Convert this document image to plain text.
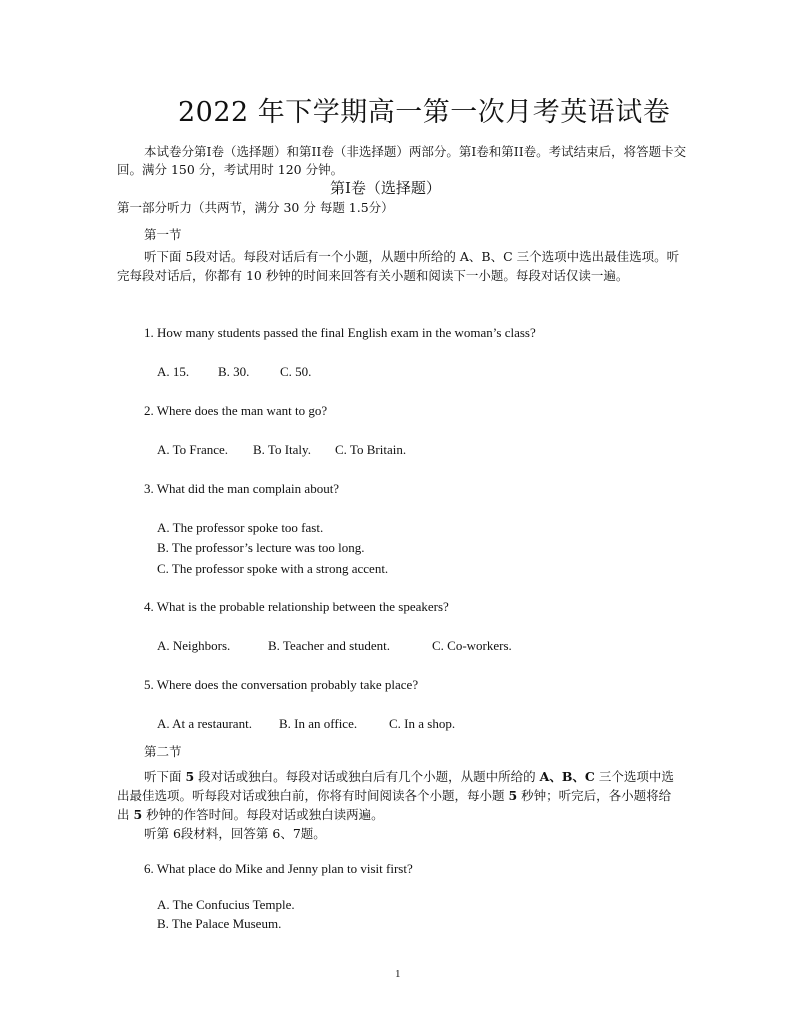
2022 年下学期高一第一次月考英语试卷
本试卷分第I卷（选择题）和第II卷（非选择题）两部分。第I卷和第II卷。考试结束后，将答题卡交回。满分 150 分，考试用时 120 分钟。
第I卷（选择题）
第一部分听力（共两节，满分 30 分 每题 1.5分）
第一节
听下面 5段对话。每段对话后有一个小题，从题中所给的 A、B、C 三个选项中选出最佳选项。听完每段对话后，你都有 10 秒钟的时间来回答有关小题和阅读下一小题。每段对话仅读一遍。
1. How many students passed the final English exam in the woman’s class?
A. 15. B. 30. C. 50.
2. Where does the man want to go?
A. To France. B. To Italy. C. To Britain.
3. What did the man complain about?
A. The professor spoke too fast.
B. The professor’s lecture was too long.
C. The professor spoke with a strong accent.
4. What is the probable relationship between the speakers?
A. Neighbors.	B. Teacher and student.	C. Co-workers.
5. Where does the conversation probably take place?
A. At a restaurant. B. In an office. C. In a shop.
第二节
听下面 5 段对话或独白。每段对话或独白后有几个小题，从题中所给的 A、B、C 三个选项中选出最佳选项。听每段对话或独白前，你将有时间阅读各个小题，每小题 5 秒钟；听完后，各小题将给出 5 秒钟的作答时间。每段对话或独白读两遍。
听第 6段材料，回答第 6、7题。
6. What place do Mike and Jenny plan to visit first?
A. The Confucius Temple.
B. The Palace Museum.
1
